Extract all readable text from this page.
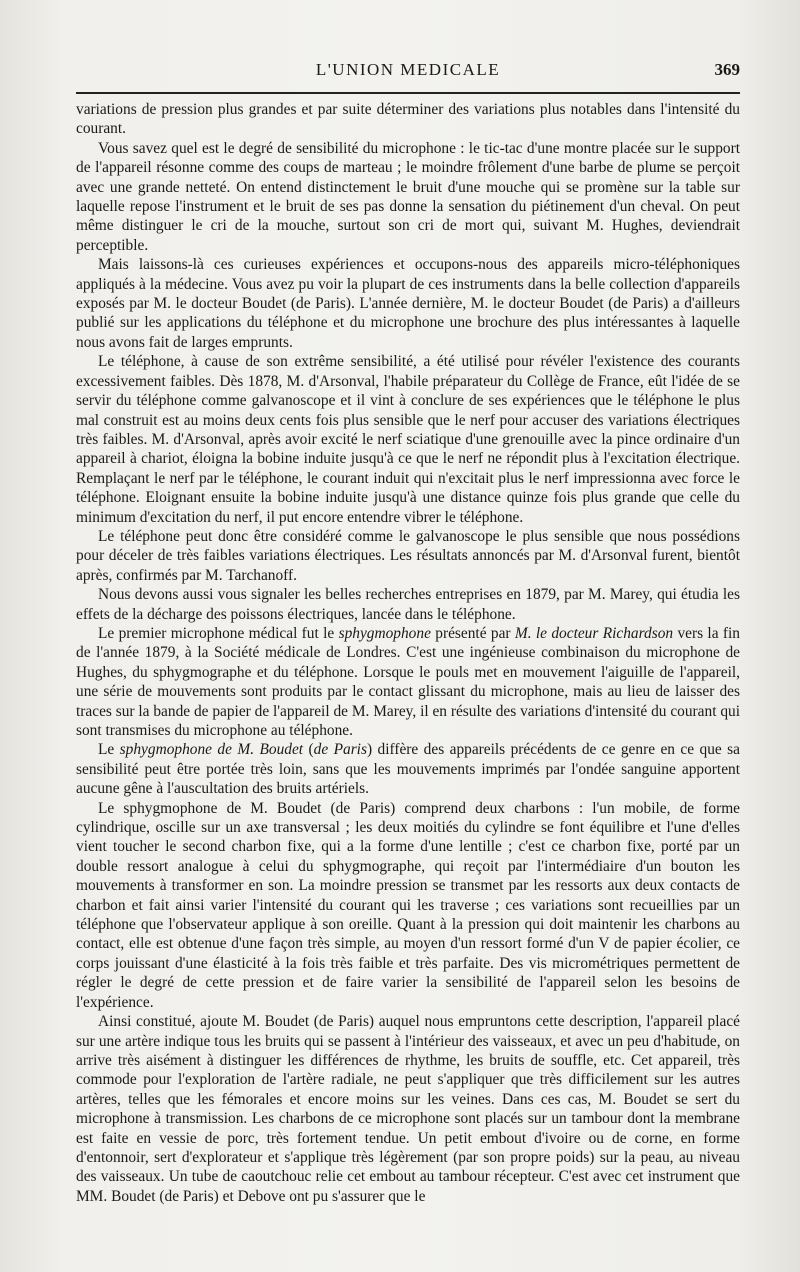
L'UNION MEDICALE	369

variations de pression plus grandes et par suite déterminer des variations plus notables dans l'intensité du courant.

Vous savez quel est le degré de sensibilité du microphone : le tic-tac d'une montre placée sur le support de l'appareil résonne comme des coups de marteau ; le moindre frôlement d'une barbe de plume se perçoit avec une grande netteté. On entend distinctement le bruit d'une mouche qui se promène sur la table sur laquelle repose l'instrument et le bruit de ses pas donne la sensation du piétinement d'un cheval. On peut même distinguer le cri de la mouche, surtout son cri de mort qui, suivant M. Hughes, deviendrait perceptible.

Mais laissons-là ces curieuses expériences et occupons-nous des appareils micro-téléphoniques appliqués à la médecine. Vous avez pu voir la plupart de ces instruments dans la belle collection d'appareils exposés par M. le docteur Boudet (de Paris). L'année dernière, M. le docteur Boudet (de Paris) a d'ailleurs publié sur les applications du téléphone et du microphone une brochure des plus intéressantes à laquelle nous avons fait de larges emprunts.

Le téléphone, à cause de son extrême sensibilité, a été utilisé pour révéler l'existence des courants excessivement faibles. Dès 1878, M. d'Arsonval, l'habile préparateur du Collège de France, eût l'idée de se servir du téléphone comme galvanoscope et il vint à conclure de ses expériences que le téléphone le plus mal construit est au moins deux cents fois plus sensible que le nerf pour accuser des variations électriques très faibles. M. d'Arsonval, après avoir excité le nerf sciatique d'une grenouille avec la pince ordinaire d'un appareil à chariot, éloigna la bobine induite jusqu'à ce que le nerf ne répondit plus à l'excitation électrique. Remplaçant le nerf par le téléphone, le courant induit qui n'excitait plus le nerf impressionna avec force le téléphone. Eloignant ensuite la bobine induite jusqu'à une distance quinze fois plus grande que celle du minimum d'excitation du nerf, il put encore entendre vibrer le téléphone.

Le téléphone peut donc être considéré comme le galvanoscope le plus sensible que nous possédions pour déceler de très faibles variations électriques. Les résultats annoncés par M. d'Arsonval furent, bientôt après, confirmés par M. Tarchanoff.

Nous devons aussi vous signaler les belles recherches entreprises en 1879, par M. Marey, qui étudia les effets de la décharge des poissons électriques, lancée dans le téléphone.

Le premier microphone médical fut le sphygmophone présenté par M. le docteur Richardson vers la fin de l'année 1879, à la Société médicale de Londres. C'est une ingénieuse combinaison du microphone de Hughes, du sphygmographe et du téléphone. Lorsque le pouls met en mouvement l'aiguille de l'appareil, une série de mouvements sont produits par le contact glissant du microphone, mais au lieu de laisser des traces sur la bande de papier de l'appareil de M. Marey, il en résulte des variations d'intensité du courant qui sont transmises du microphone au téléphone.

Le sphygmophone de M. Boudet (de Paris) diffère des appareils précédents de ce genre en ce que sa sensibilité peut être portée très loin, sans que les mouvements imprimés par l'ondée sanguine apportent aucune gêne à l'auscultation des bruits artériels.

Le sphygmophone de M. Boudet (de Paris) comprend deux charbons : l'un mobile, de forme cylindrique, oscille sur un axe transversal ; les deux moitiés du cylindre se font équilibre et l'une d'elles vient toucher le second charbon fixe, qui a la forme d'une lentille ; c'est ce charbon fixe, porté par un double ressort analogue à celui du sphygmographe, qui reçoit par l'intermédiaire d'un bouton les mouvements à transformer en son. La moindre pression se transmet par les ressorts aux deux contacts de charbon et fait ainsi varier l'intensité du courant qui les traverse ; ces variations sont recueillies par un téléphone que l'observateur applique à son oreille. Quant à la pression qui doit maintenir les charbons au contact, elle est obtenue d'une façon très simple, au moyen d'un ressort formé d'un V de papier écolier, ce corps jouissant d'une élasticité à la fois très faible et très parfaite. Des vis micrométriques permettent de régler le degré de cette pression et de faire varier la sensibilité de l'appareil selon les besoins de l'expérience.

Ainsi constitué, ajoute M. Boudet (de Paris) auquel nous empruntons cette description, l'appareil placé sur une artère indique tous les bruits qui se passent à l'intérieur des vaisseaux, et avec un peu d'habitude, on arrive très aisément à distinguer les différences de rhythme, les bruits de souffle, etc. Cet appareil, très commode pour l'exploration de l'artère radiale, ne peut s'appliquer que très difficilement sur les autres artères, telles que les fémorales et encore moins sur les veines. Dans ces cas, M. Boudet se sert du microphone à transmission. Les charbons de ce microphone sont placés sur un tambour dont la membrane est faite en vessie de porc, très fortement tendue. Un petit embout d'ivoire ou de corne, en forme d'entonnoir, sert d'explorateur et s'applique très légèrement (par son propre poids) sur la peau, au niveau des vaisseaux. Un tube de caoutchouc relie cet embout au tambour récepteur. C'est avec cet instrument que MM. Boudet (de Paris) et Debove ont pu s'assurer que le
